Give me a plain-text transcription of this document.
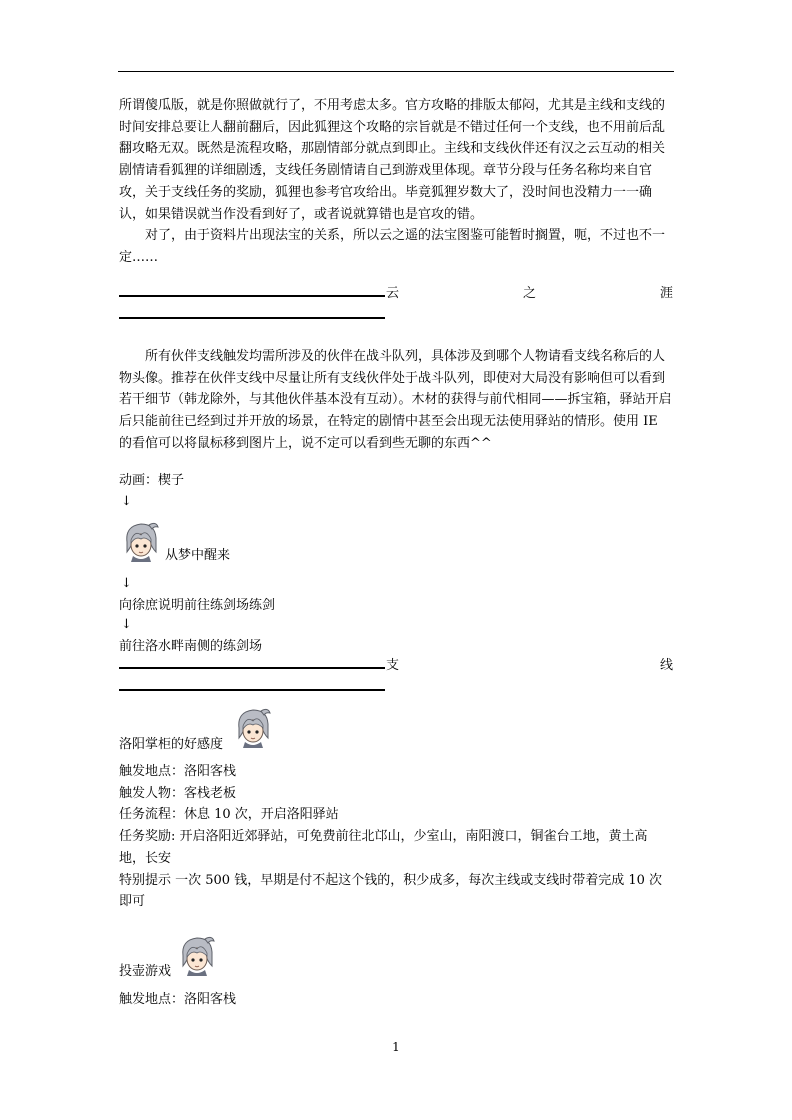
所谓傻瓜版，就是你照做就行了，不用考虑太多。官方攻略的排版太郁闷，尤其是主线和支线的时间安排总要让人翻前翻后，因此狐狸这个攻略的宗旨就是不错过任何一个支线，也不用前后乱翻攻略无双。既然是流程攻略，那剧情部分就点到即止。主线和支线伙伴还有汉之云互动的相关剧情请看狐狸的详细剧透，支线任务剧情请自己到游戏里体现。章节分段与任务名称均来自官攻，关于支线任务的奖励，狐狸也参考官攻给出。毕竟狐狸岁数大了，没时间也没精力一一确认，如果错误就当作没看到好了，或者说就算错也是官攻的错。

对了，由于资料片出现法宝的关系，所以云之遥的法宝图鉴可能暂时搁置，呃，不过也不一定……

云	之	涯

所有伙伴支线触发均需所涉及的伙伴在战斗队列，具体涉及到哪个人物请看支线名称后的人物头像。推荐在伙伴支线中尽量让所有支线伙伴处于战斗队列，即使对大局没有影响但可以看到若干细节（韩龙除外，与其他伙伴基本没有互动）。木材的获得与前代相同——拆宝箱，驿站开启后只能前往已经到过并开放的场景，在特定的剧情中甚至会出现无法使用驿站的情形。使用 IE 的看倌可以将鼠标移到图片上，说不定可以看到些无聊的东西^^

动画：楔子
↓
从梦中醒来
↓
向徐庶说明前往练剑场练剑
↓
前往洛水畔南侧的练剑场
支	线
洛阳掌柜的好感度

触发地点：洛阳客栈

触发人物：客栈老板

任务流程：休息 10 次，开启洛阳驿站

任务奖励: 开启洛阳近郊驿站，可免费前往北邙山，少室山，南阳渡口，铜雀台工地，黄土高地，长安

特别提示 一次 500 钱，早期是付不起这个钱的，积少成多，每次主线或支线时带着完成 10 次即可

投壶游戏
触发地点：洛阳客栈
1
